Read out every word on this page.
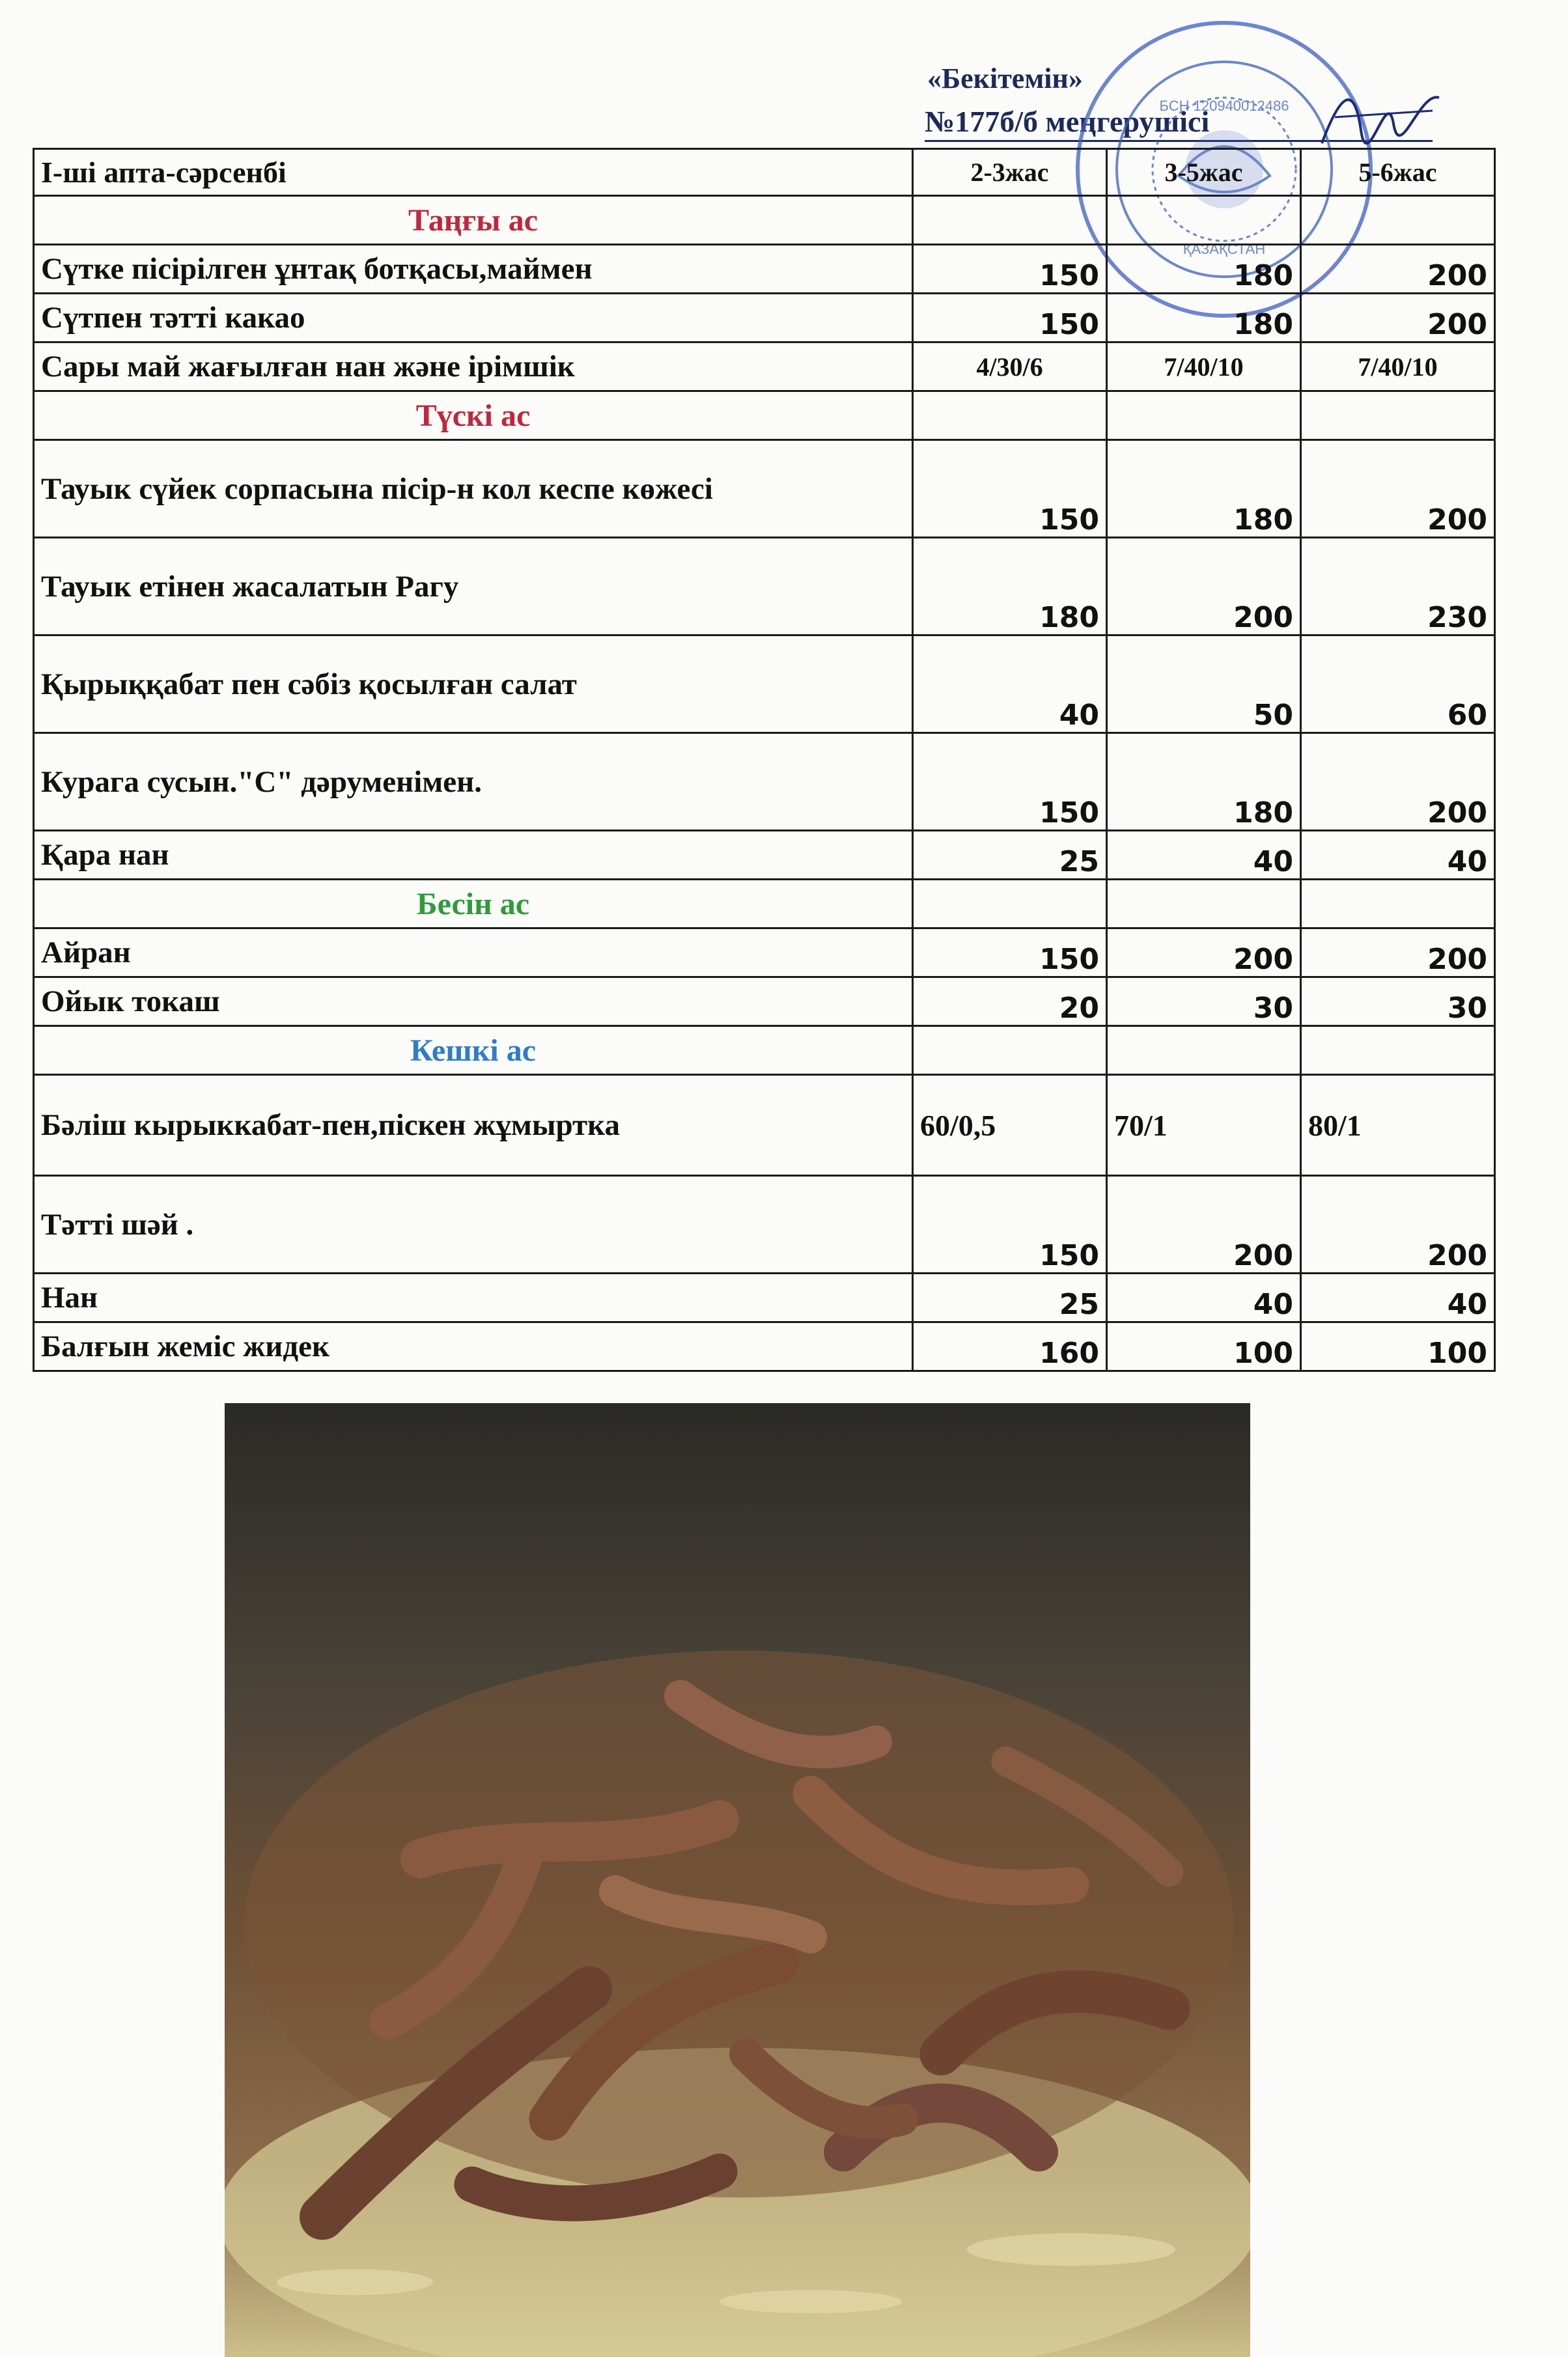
«Бекітемін»
№177б/б меңгерушісі
БСН 120940012486
ҚАЗАҚСТАН
І-ші апта-сәрсенбі	2-3жас	3-5жас	5-6жас
Таңғы ас			
Сүтке пісірілген ұнтақ ботқасы,маймен	150	180	200
Сүтпен тәтті какао	150	180	200
Сары май жағылған нан және ірімшік	4/30/6	7/40/10	7/40/10
Түскі ас			
Тауык сүйек сорпасына пісір-н кол кеспе көжесі	150	180	200
Тауык етінен жасалатын Рагу	180	200	230
Қырыққабат пен сәбіз қосылған салат	40	50	60
Курага сусын."С" дәруменімен.	150	180	200
Қара нан	25	40	40
Бесін ас			
Айран	150	200	200
Ойык токаш	20	30	30
Кешкі ас			
Бәліш кырыккабат-пен,піскен жұмыртка	60/0,5	70/1	80/1
Тәтті шәй .	150	200	200
Нан	25	40	40
Балғын жеміс жидек	160	100	100
